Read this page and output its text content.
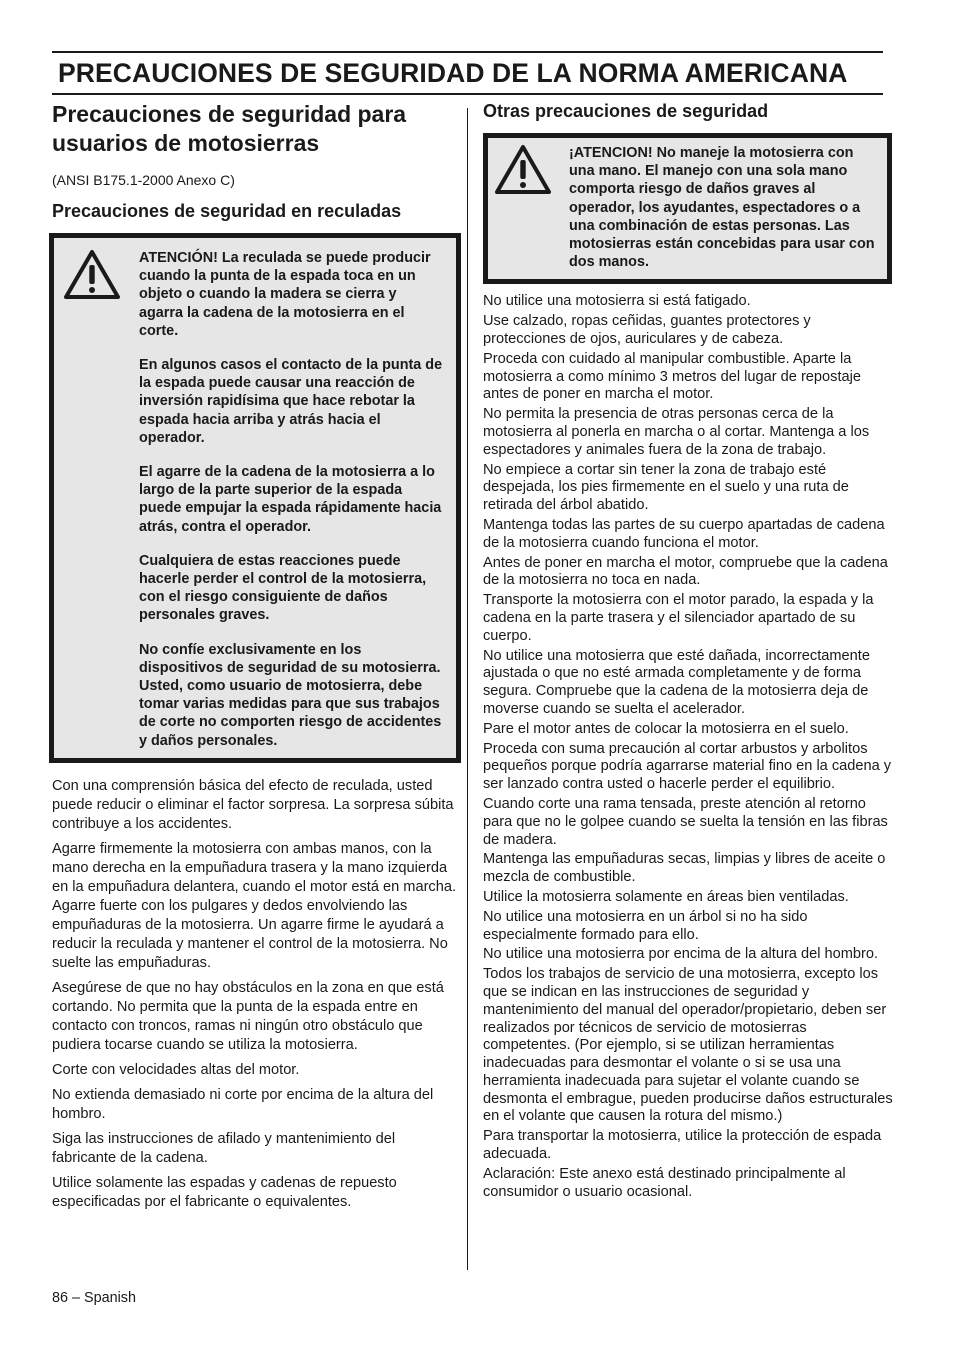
PRECAUCIONES DE SEGURIDAD DE LA NORMA AMERICANA
Precauciones de seguridad para usuarios de motosierras

(ANSI B175.1-2000 Anexo C)

Precauciones de seguridad en reculadas

ATENCIÓN! La reculada se puede producir cuando la punta de la espada toca en un objeto o cuando la madera se cierra y agarra la cadena de la motosierra en el corte.

En algunos casos el contacto de la punta de la espada puede causar una reacción de inversión rapidísima que hace rebotar la espada hacia arriba y atrás hacia el operador.

El agarre de la cadena de la motosierra a lo largo de la parte superior de la espada puede empujar la espada rápidamente hacia atrás, contra el operador.

Cualquiera de estas reacciones puede hacerle perder el control de la motosierra, con el riesgo consiguiente de daños personales graves.

No confíe exclusivamente en los dispositivos de seguridad de su motosierra. Usted, como usuario de motosierra, debe tomar varias medidas para que sus trabajos de corte no comporten riesgo de accidentes y daños personales.

Con una comprensión básica del efecto de reculada, usted puede reducir o eliminar el factor sorpresa. La sorpresa súbita contribuye a los accidentes.

Agarre firmemente la motosierra con ambas manos, con la mano derecha en la empuñadura trasera y la mano izquierda en la empuñadura delantera, cuando el motor está en marcha. Agarre fuerte con los pulgares y dedos envolviendo las empuñaduras de la motosierra. Un agarre firme le ayudará a reducir la reculada y mantener el control de la motosierra. No suelte las empuñaduras.

Asegúrese de que no hay obstáculos en la zona en que está cortando. No permita que la punta de la espada entre en contacto con troncos, ramas ni ningún otro obstáculo que pudiera tocarse cuando se utiliza la motosierra.

Corte con velocidades altas del motor.

No extienda demasiado ni corte por encima de la altura del hombro.

Siga las instrucciones de afilado y mantenimiento del fabricante de la cadena.

Utilice solamente las espadas y cadenas de repuesto especificadas por el fabricante o equivalentes.

Otras precauciones de seguridad

¡ATENCION! No maneje la motosierra con una mano. El manejo con una sola mano comporta riesgo de daños graves al operador, los ayudantes, espectadores o a una combinación de estas personas. Las motosierras están concebidas para usar con dos manos.

No utilice una motosierra si está fatigado.

Use calzado, ropas ceñidas, guantes protectores y protecciones de ojos, auriculares y de cabeza.

Proceda con cuidado al manipular combustible. Aparte la motosierra a como mínimo 3 metros del lugar de repostaje antes de poner en marcha el motor.

No permita la presencia de otras personas cerca de la motosierra al ponerla en marcha o al cortar. Mantenga a los espectadores y animales fuera de la zona de trabajo.

No empiece a cortar sin tener la zona de trabajo esté despejada, los pies firmemente en el suelo y una ruta de retirada del árbol abatido.

Mantenga todas las partes de su cuerpo apartadas de cadena de la motosierra cuando funciona el motor.

Antes de poner en marcha el motor, compruebe que la cadena de la motosierra no toca en nada.

Transporte la motosierra con el motor parado, la espada y la cadena en la parte trasera y el silenciador apartado de su cuerpo.

No utilice una motosierra que esté dañada, incorrectamente ajustada o que no esté armada completamente y de forma segura. Compruebe que la cadena de la motosierra deja de moverse cuando se suelta el acelerador.

Pare el motor antes de colocar la motosierra en el suelo.

Proceda con suma precaución al cortar arbustos y arbolitos pequeños porque podría agarrarse material fino en la cadena y ser lanzado contra usted o hacerle perder el equilibrio.

Cuando corte una rama tensada, preste atención al retorno para que no le golpee cuando se suelta la tensión en las fibras de madera.

Mantenga las empuñaduras secas, limpias y libres de aceite o mezcla de combustible.

Utilice la motosierra solamente en áreas bien ventiladas.

No utilice una motosierra en un árbol si no ha sido especialmente formado para ello.

No utilice una motosierra por encima de la altura del hombro.

Todos los trabajos de servicio de una motosierra, excepto los que se indican en las instrucciones de seguridad y mantenimiento del manual del operador/propietario, deben ser realizados por técnicos de servicio de motosierras competentes. (Por ejemplo, si se utilizan herramientas inadecuadas para desmontar el volante o si se usa una herramienta inadecuada para sujetar el volante cuando se desmonta el embrague, pueden producirse daños estructurales en el volante que causen la rotura del mismo.)

Para transportar la motosierra, utilice la protección de espada adecuada.

Aclaración: Este anexo está destinado principalmente al consumidor o usuario ocasional.

86 – Spanish
